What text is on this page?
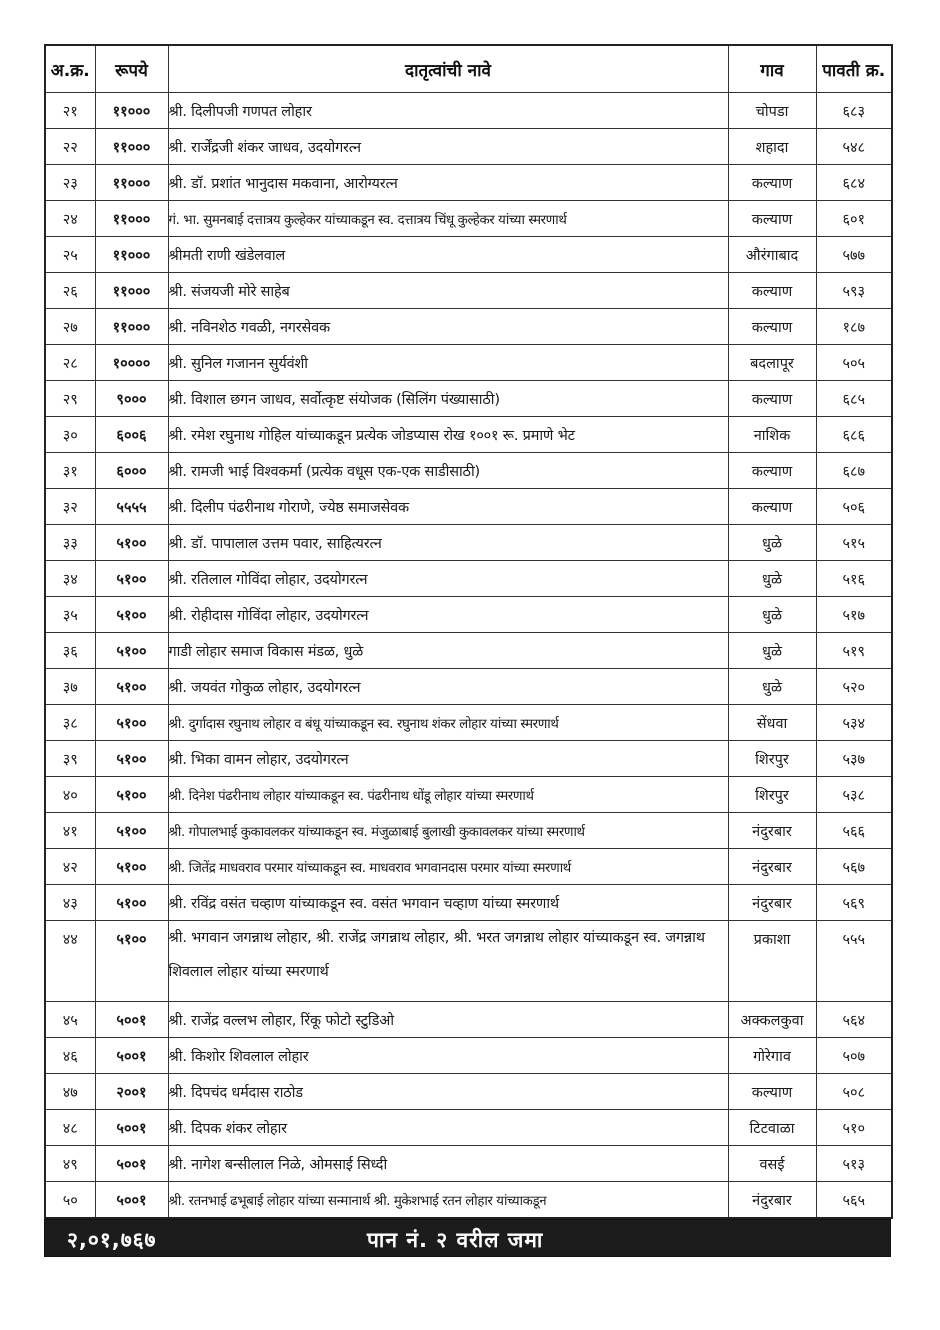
अ.क्र.	रूपये	दातृत्वांची नावे	गाव	पावती क्र.
२१	११०००	श्री. दिलीपजी गणपत लोहार	चोपडा	६८३
२२	११०००	श्री. रार्जेंद्रजी शंकर जाधव, उदयोगरत्न	शहादा	५४८
२३	११०००	श्री. डॉ. प्रशांत भानुदास मकवाना, आरोग्यरत्न	कल्याण	६८४
२४	११०००	गं. भा. सुमनबाई दत्तात्रय कुल्हेकर यांच्याकडून स्व. दत्तात्रय चिंधू कुल्हेकर यांच्या स्मरणार्थ	कल्याण	६०१
२५	११०००	श्रीमती राणी खंडेलवाल	औरंगाबाद	५७७
२६	११०००	श्री. संजयजी मोरे साहेब	कल्याण	५९३
२७	११०००	श्री. नविनशेठ गवळी, नगरसेवक	कल्याण	१८७
२८	१००००	श्री. सुनिल गजानन सुर्यवंशी	बदलापूर	५०५
२९	९०००	श्री. विशाल छगन जाधव, सर्वोत्कृष्ट संयोजक (सिलिंग पंख्यासाठी)	कल्याण	६८५
३०	६००६	श्री. रमेश रघुनाथ गोहिल यांच्याकडून प्रत्येक जोडप्यास रोख १००१ रू. प्रमाणे भेट	नाशिक	६८६
३१	६०००	श्री. रामजी भाई विश्वकर्मा (प्रत्येक वधूस एक-एक साडीसाठी)	कल्याण	६८७
३२	५५५५	श्री. दिलीप पंढरीनाथ गोराणे, ज्येष्ठ समाजसेवक	कल्याण	५०६
३३	५१००	श्री. डॉ. पापालाल उत्तम पवार, साहित्यरत्न	धुळे	५१५
३४	५१००	श्री. रतिलाल गोविंदा लोहार, उदयोगरत्न	धुळे	५१६
३५	५१००	श्री. रोहीदास गोविंदा लोहार, उदयोगरत्न	धुळे	५१७
३६	५१००	गाडी लोहार समाज विकास मंडळ, धुळे	धुळे	५१९
३७	५१००	श्री. जयवंत गोकुळ लोहार, उदयोगरत्न	धुळे	५२०
३८	५१००	श्री. दुर्गादास रघुनाथ लोहार व बंधू यांच्याकडून स्व. रघुनाथ शंकर लोहार यांच्या स्मरणार्थ	सेंधवा	५३४
३९	५१००	श्री. भिका वामन लोहार, उदयोगरत्न	शिरपुर	५३७
४०	५१००	श्री. दिनेश पंढरीनाथ लोहार यांच्याकडून स्व. पंढरीनाथ धोंडू लोहार यांच्या स्मरणार्थ	शिरपुर	५३८
४१	५१००	श्री. गोपालभाई कुकावलकर यांच्याकडून स्व. मंजुळाबाई बुलाखी कुकावलकर यांच्या स्मरणार्थ	नंदुरबार	५६६
४२	५१००	श्री. जितेंद्र माधवराव परमार यांच्याकडून स्व. माधवराव भगवानदास परमार यांच्या स्मरणार्थ	नंदुरबार	५६७
४३	५१००	श्री. रविंद्र वसंत चव्हाण यांच्याकडून स्व. वसंत भगवान चव्हाण यांच्या स्मरणार्थ	नंदुरबार	५६९
४४	५१००	श्री. भगवान जगन्नाथ लोहार, श्री. राजेंद्र जगन्नाथ लोहार, श्री. भरत जगन्नाथ लोहार यांच्याकडून स्व. जगन्नाथ शिवलाल लोहार यांच्या स्मरणार्थ	प्रकाशा	५५५
४५	५००१	श्री. राजेंद्र वल्लभ लोहार, रिंकू फोटो स्टुडिओ	अक्कलकुवा	५६४
४६	५००१	श्री. किशोर शिवलाल लोहार	गोरेगाव	५०७
४७	२००१	श्री. दिपचंद धर्मदास राठोड	कल्याण	५०८
४८	५००१	श्री. दिपक शंकर लोहार	टिटवाळा	५१०
४९	५००१	श्री. नागेश बन्सीलाल निळे, ओमसाई सिध्दी	वसई	५१३
५०	५००१	श्री. रतनभाई ढभूबाई लोहार यांच्या सन्मानार्थ श्री. मुकेशभाई रतन लोहार यांच्याकडून	नंदुरबार	५६५
२,०१,७६७	पान नं. २ वरील जमा
